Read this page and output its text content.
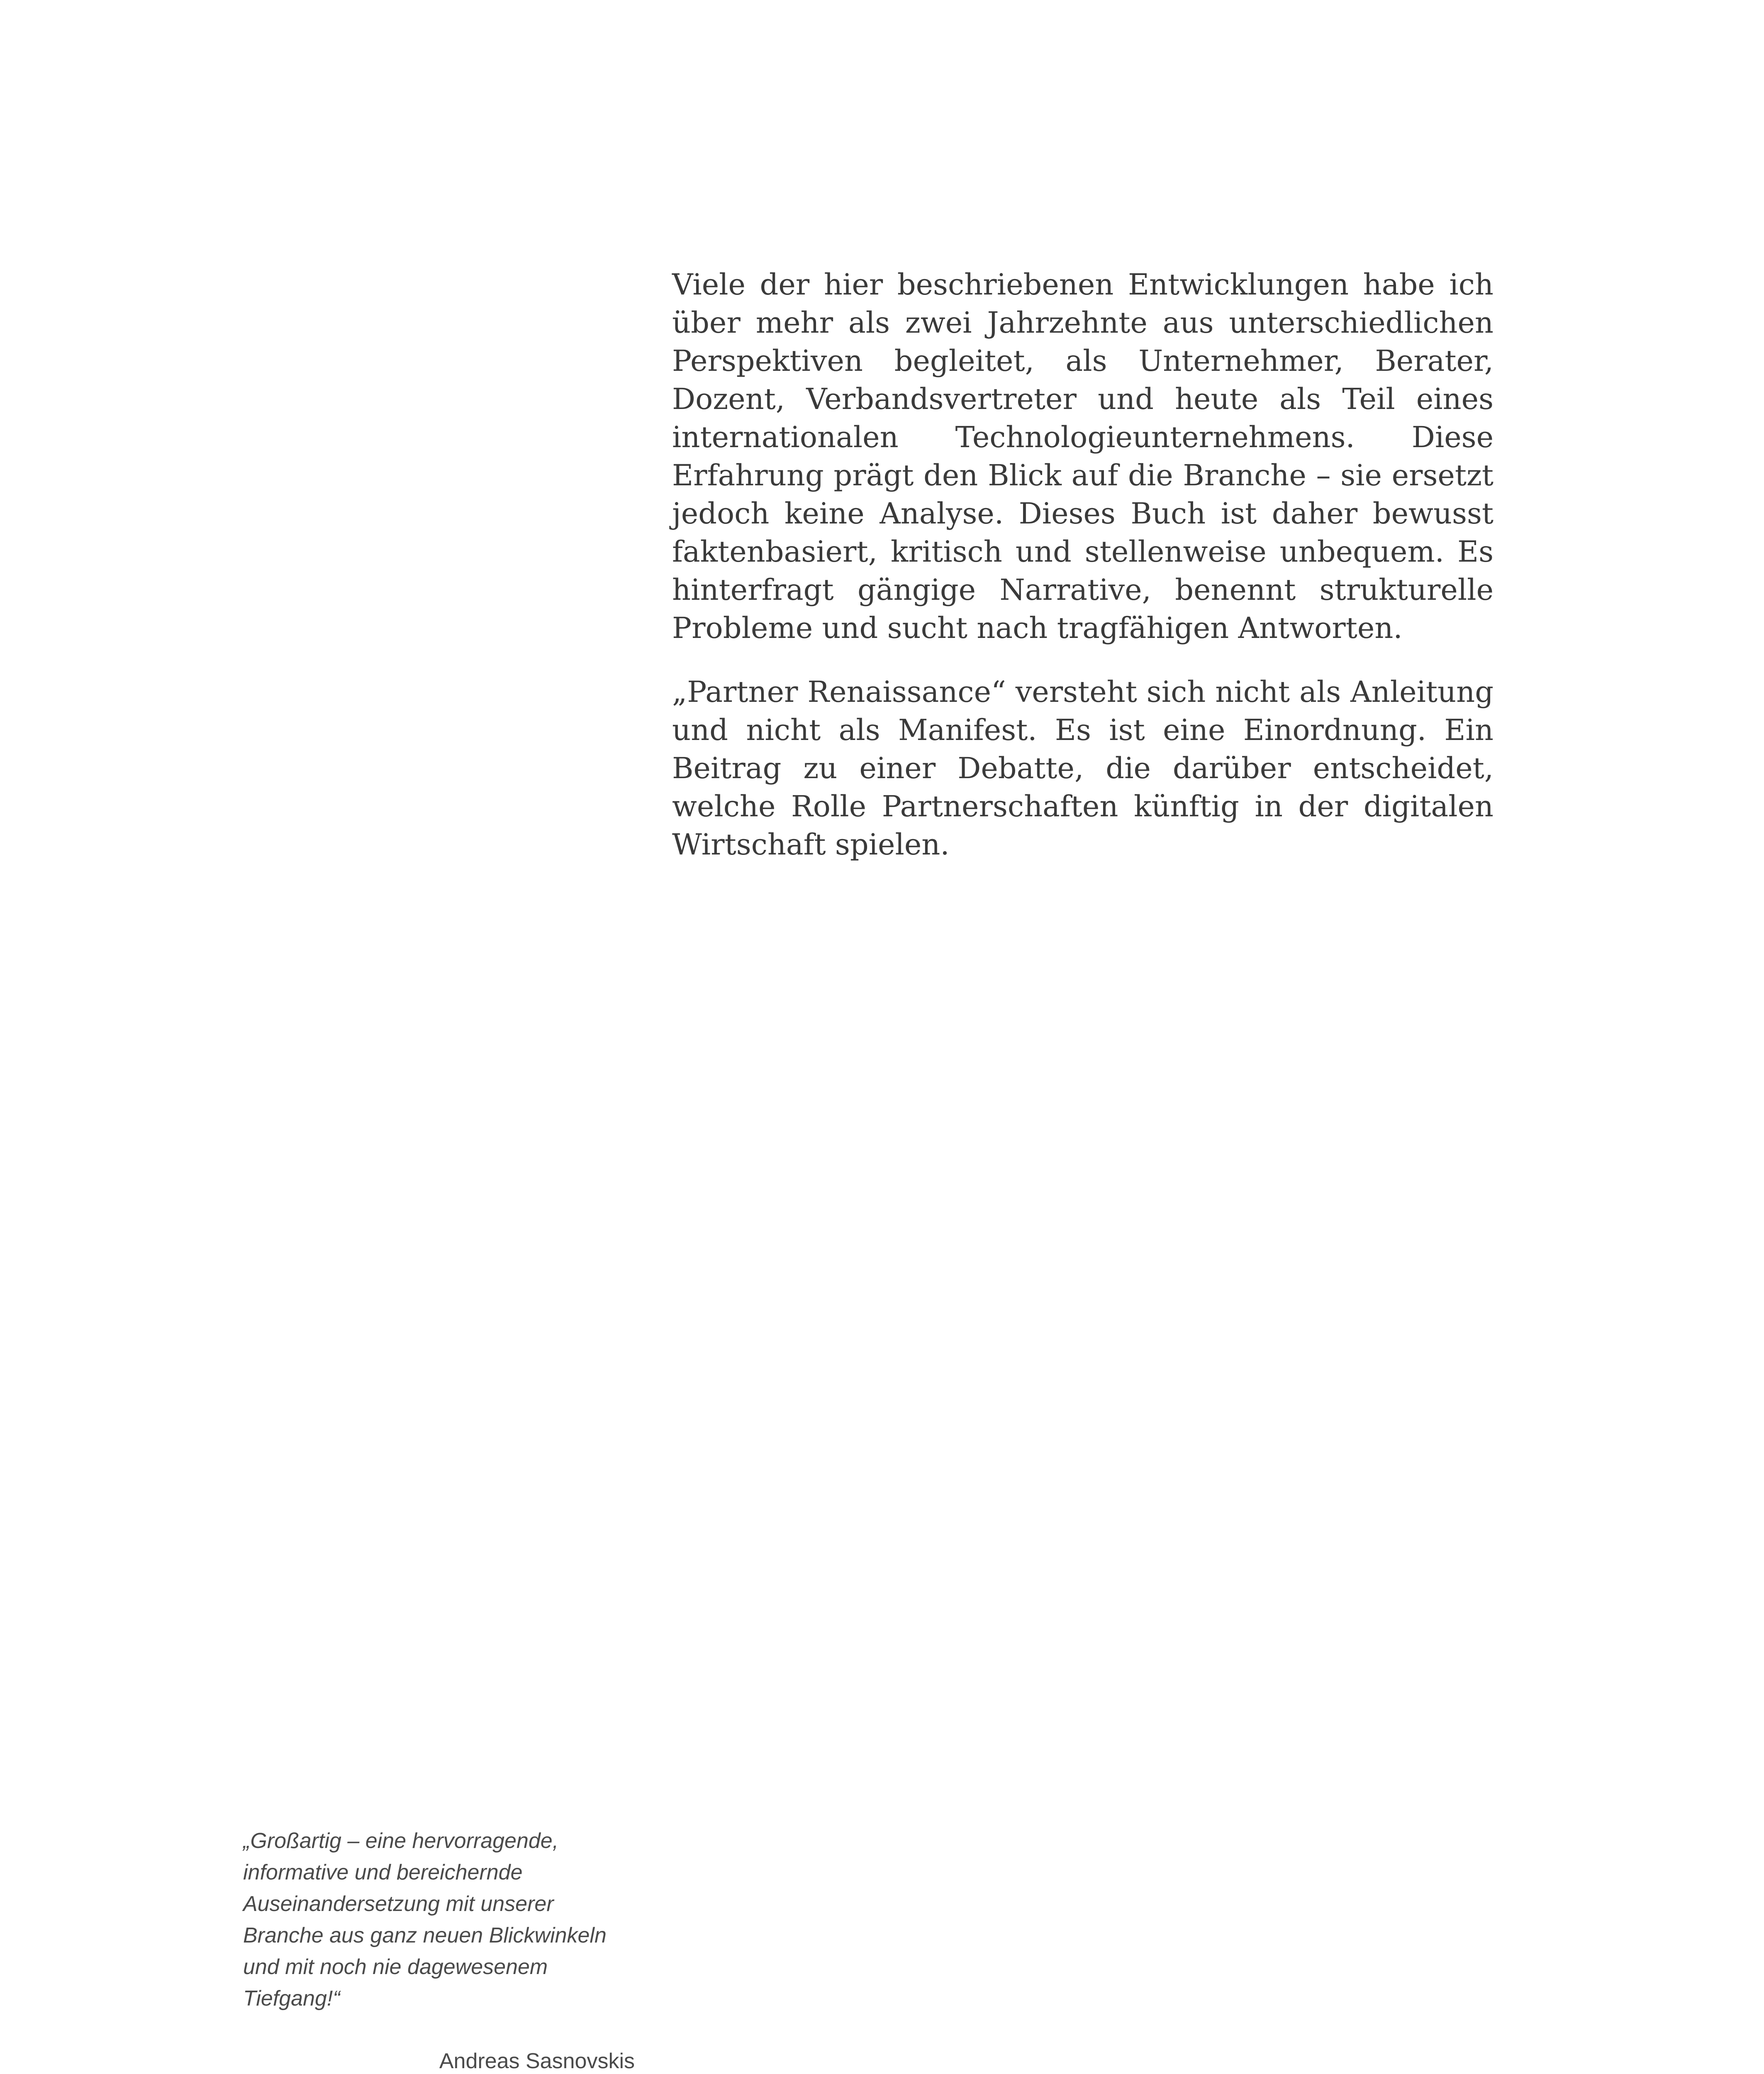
Viele der hier beschriebenen Entwicklungen habe ich über mehr als zwei Jahrzehnte aus unterschiedlichen Perspektiven begleitet, als Unternehmer, Berater, Dozent, Verbandsvertreter und heute als Teil eines internationalen Technologieunternehmens. Diese Erfahrung prägt den Blick auf die Branche – sie ersetzt jedoch keine Analyse. Dieses Buch ist daher bewusst faktenbasiert, kritisch und stellenweise unbequem. Es hinterfragt gängige Narrative, benennt strukturelle Probleme und sucht nach tragfähigen Antworten.

„Partner Renaissance“ versteht sich nicht als Anleitung und nicht als Manifest. Es ist eine Einordnung. Ein Beitrag zu einer Debatte, die darüber entscheidet, welche Rolle Partnerschaften künftig in der digitalen Wirtschaft spielen.

„Großartig – eine hervorragende, informative und bereichernde Auseinandersetzung mit unserer Branche aus ganz neuen Blickwinkeln und mit noch nie dagewesenem Tiefgang!“

Andreas Sasnovskis
